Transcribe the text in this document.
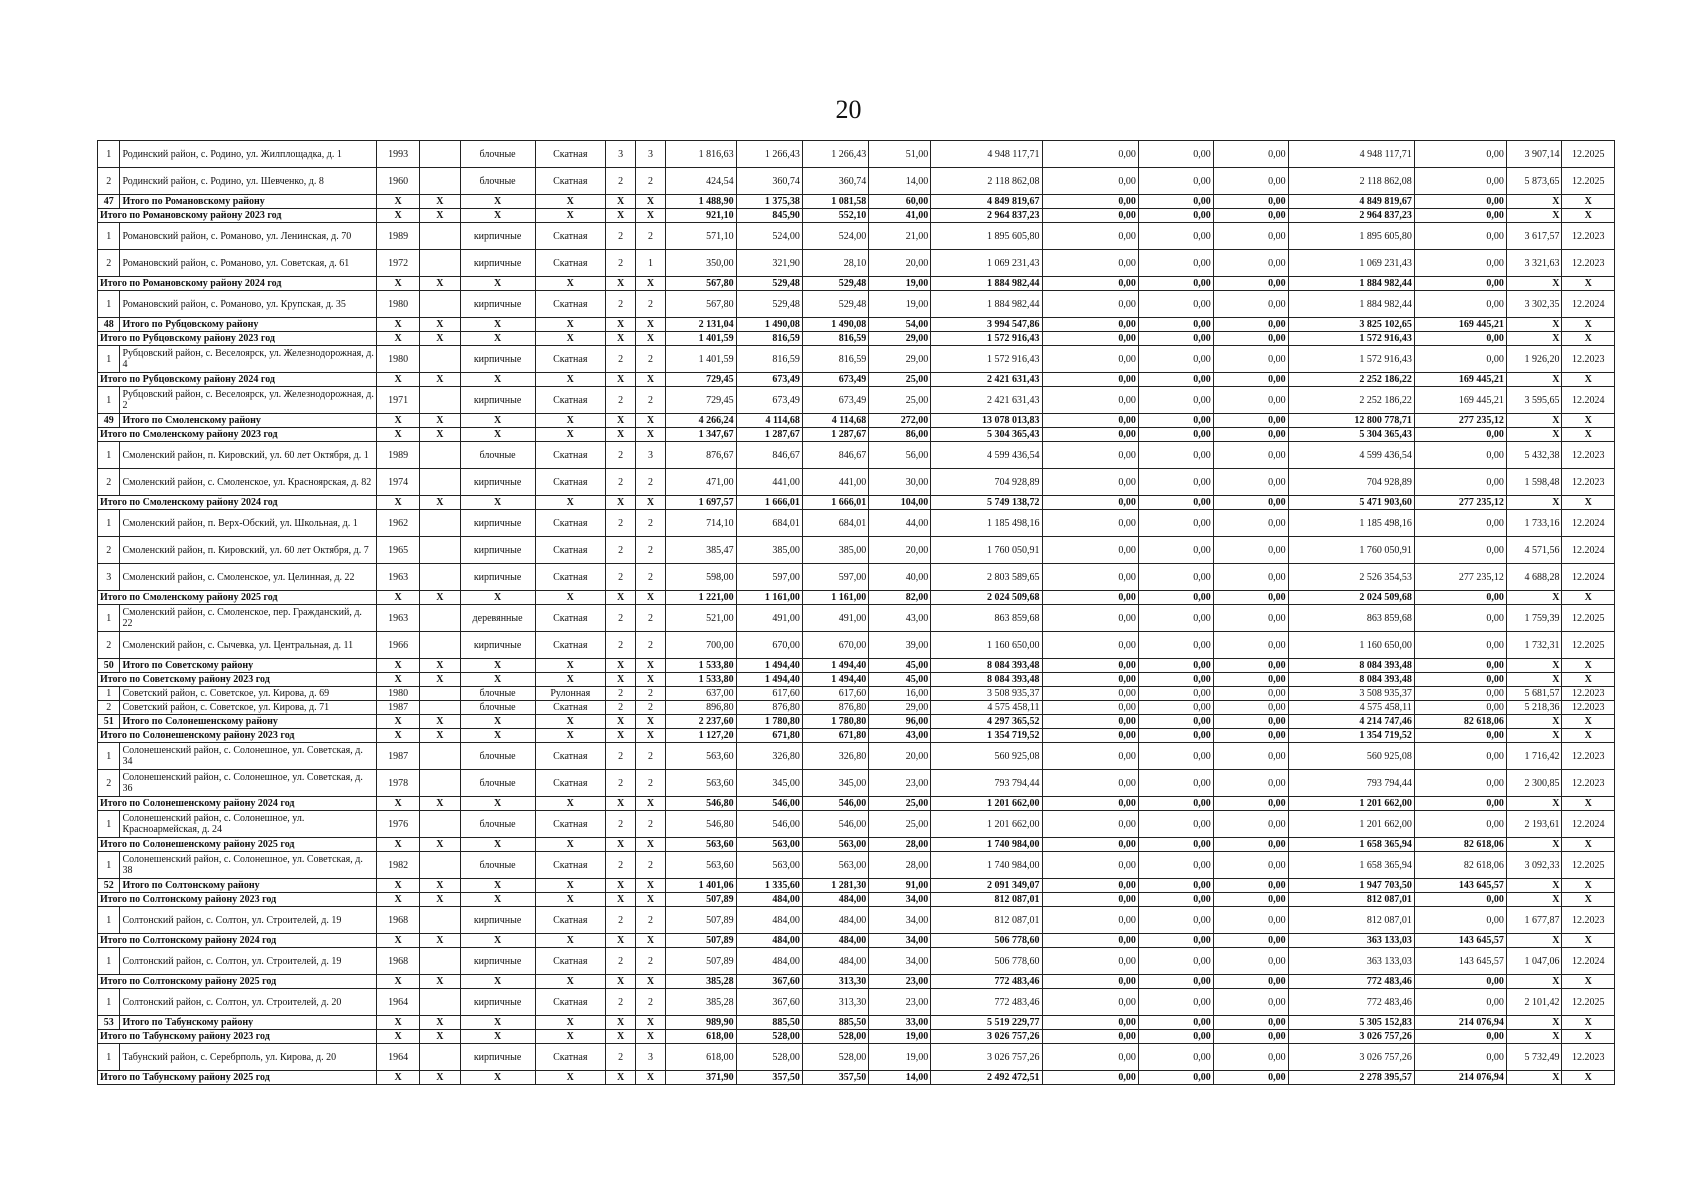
20
1	Родинский район, с. Родино, ул. Жилплощадка, д. 1	1993		блочные	Скатная	3	3	1 816,63	1 266,43	1 266,43	51,00	4 948 117,71	0,00	0,00	0,00	4 948 117,71	0,00	3 907,14	12.2025
2	Родинский район, с. Родино, ул. Шевченко, д. 8	1960		блочные	Скатная	2	2	424,54	360,74	360,74	14,00	2 118 862,08	0,00	0,00	0,00	2 118 862,08	0,00	5 873,65	12.2025
47	Итого по Романовскому району	X	X	X	X	X	X	1 488,90	1 375,38	1 081,58	60,00	4 849 819,67	0,00	0,00	0,00	4 849 819,67	0,00	X	X
Итого по Романовскому району 2023 год		X	X	X	X	X	X	921,10	845,90	552,10	41,00	2 964 837,23	0,00	0,00	0,00	2 964 837,23	0,00	X	X
1	Романовский район, с. Романово, ул. Ленинская, д. 70	1989		кирпичные	Скатная	2	2	571,10	524,00	524,00	21,00	1 895 605,80	0,00	0,00	0,00	1 895 605,80	0,00	3 617,57	12.2023
2	Романовский район, с. Романово, ул. Советская, д. 61	1972		кирпичные	Скатная	2	1	350,00	321,90	28,10	20,00	1 069 231,43	0,00	0,00	0,00	1 069 231,43	0,00	3 321,63	12.2023
Итого по Романовскому району 2024 год		X	X	X	X	X	X	567,80	529,48	529,48	19,00	1 884 982,44	0,00	0,00	0,00	1 884 982,44	0,00	X	X
1	Романовский район, с. Романово, ул. Крупская, д. 35	1980		кирпичные	Скатная	2	2	567,80	529,48	529,48	19,00	1 884 982,44	0,00	0,00	0,00	1 884 982,44	0,00	3 302,35	12.2024
48	Итого по Рубцовскому району	X	X	X	X	X	X	2 131,04	1 490,08	1 490,08	54,00	3 994 547,86	0,00	0,00	0,00	3 825 102,65	169 445,21	X	X
Итого по Рубцовскому району 2023 год		X	X	X	X	X	X	1 401,59	816,59	816,59	29,00	1 572 916,43	0,00	0,00	0,00	1 572 916,43	0,00	X	X
1	Рубцовский район, с. Веселоярск, ул. Железнодорожная, д. 4	1980		кирпичные	Скатная	2	2	1 401,59	816,59	816,59	29,00	1 572 916,43	0,00	0,00	0,00	1 572 916,43	0,00	1 926,20	12.2023
Итого по Рубцовскому району 2024 год		X	X	X	X	X	X	729,45	673,49	673,49	25,00	2 421 631,43	0,00	0,00	0,00	2 252 186,22	169 445,21	X	X
1	Рубцовский район, с. Веселоярск, ул. Железнодорожная, д. 2	1971		кирпичные	Скатная	2	2	729,45	673,49	673,49	25,00	2 421 631,43	0,00	0,00	0,00	2 252 186,22	169 445,21	3 595,65	12.2024
49	Итого по Смоленскому району	X	X	X	X	X	X	4 266,24	4 114,68	4 114,68	272,00	13 078 013,83	0,00	0,00	0,00	12 800 778,71	277 235,12	X	X
Итого по Смоленскому району 2023 год		X	X	X	X	X	X	1 347,67	1 287,67	1 287,67	86,00	5 304 365,43	0,00	0,00	0,00	5 304 365,43	0,00	X	X
1	Смоленский район, п. Кировский, ул. 60 лет Октября, д. 1	1989		блочные	Скатная	2	3	876,67	846,67	846,67	56,00	4 599 436,54	0,00	0,00	0,00	4 599 436,54	0,00	5 432,38	12.2023
2	Смоленский район, с. Смоленское, ул. Красноярская, д. 82	1974		кирпичные	Скатная	2	2	471,00	441,00	441,00	30,00	704 928,89	0,00	0,00	0,00	704 928,89	0,00	1 598,48	12.2023
Итого по Смоленскому району 2024 год		X	X	X	X	X	X	1 697,57	1 666,01	1 666,01	104,00	5 749 138,72	0,00	0,00	0,00	5 471 903,60	277 235,12	X	X
1	Смоленский район, п. Верх-Обский, ул. Школьная, д. 1	1962		кирпичные	Скатная	2	2	714,10	684,01	684,01	44,00	1 185 498,16	0,00	0,00	0,00	1 185 498,16	0,00	1 733,16	12.2024
2	Смоленский район, п. Кировский, ул. 60 лет Октября, д. 7	1965		кирпичные	Скатная	2	2	385,47	385,00	385,00	20,00	1 760 050,91	0,00	0,00	0,00	1 760 050,91	0,00	4 571,56	12.2024
3	Смоленский район, с. Смоленское, ул. Целинная, д. 22	1963		кирпичные	Скатная	2	2	598,00	597,00	597,00	40,00	2 803 589,65	0,00	0,00	0,00	2 526 354,53	277 235,12	4 688,28	12.2024
Итого по Смоленскому району 2025 год		X	X	X	X	X	X	1 221,00	1 161,00	1 161,00	82,00	2 024 509,68	0,00	0,00	0,00	2 024 509,68	0,00	X	X
1	Смоленский район, с. Смоленское, пер. Гражданский, д. 22	1963		деревянные	Скатная	2	2	521,00	491,00	491,00	43,00	863 859,68	0,00	0,00	0,00	863 859,68	0,00	1 759,39	12.2025
2	Смоленский район, с. Сычевка, ул. Центральная, д. 11	1966		кирпичные	Скатная	2	2	700,00	670,00	670,00	39,00	1 160 650,00	0,00	0,00	0,00	1 160 650,00	0,00	1 732,31	12.2025
50	Итого по Советскому району	X	X	X	X	X	X	1 533,80	1 494,40	1 494,40	45,00	8 084 393,48	0,00	0,00	0,00	8 084 393,48	0,00	X	X
Итого по Советскому району 2023 год		X	X	X	X	X	X	1 533,80	1 494,40	1 494,40	45,00	8 084 393,48	0,00	0,00	0,00	8 084 393,48	0,00	X	X
1	Советский район, с. Советское, ул. Кирова, д. 69	1980		блочные	Рулонная	2	2	637,00	617,60	617,60	16,00	3 508 935,37	0,00	0,00	0,00	3 508 935,37	0,00	5 681,57	12.2023
2	Советский район, с. Советское, ул. Кирова, д. 71	1987		блочные	Скатная	2	2	896,80	876,80	876,80	29,00	4 575 458,11	0,00	0,00	0,00	4 575 458,11	0,00	5 218,36	12.2023
51	Итого по Солонешенскому району	X	X	X	X	X	X	2 237,60	1 780,80	1 780,80	96,00	4 297 365,52	0,00	0,00	0,00	4 214 747,46	82 618,06	X	X
Итого по Солонешенскому району 2023 год		X	X	X	X	X	X	1 127,20	671,80	671,80	43,00	1 354 719,52	0,00	0,00	0,00	1 354 719,52	0,00	X	X
1	Солонешенский район, с. Солонешное, ул. Советская, д. 34	1987		блочные	Скатная	2	2	563,60	326,80	326,80	20,00	560 925,08	0,00	0,00	0,00	560 925,08	0,00	1 716,42	12.2023
2	Солонешенский район, с. Солонешное, ул. Советская, д. 36	1978		блочные	Скатная	2	2	563,60	345,00	345,00	23,00	793 794,44	0,00	0,00	0,00	793 794,44	0,00	2 300,85	12.2023
Итого по Солонешенскому району 2024 год		X	X	X	X	X	X	546,80	546,00	546,00	25,00	1 201 662,00	0,00	0,00	0,00	1 201 662,00	0,00	X	X
1	Солонешенский район, с. Солонешное, ул. Красноармейская, д. 24	1976		блочные	Скатная	2	2	546,80	546,00	546,00	25,00	1 201 662,00	0,00	0,00	0,00	1 201 662,00	0,00	2 193,61	12.2024
Итого по Солонешенскому району 2025 год		X	X	X	X	X	X	563,60	563,00	563,00	28,00	1 740 984,00	0,00	0,00	0,00	1 658 365,94	82 618,06	X	X
1	Солонешенский район, с. Солонешное, ул. Советская, д. 38	1982		блочные	Скатная	2	2	563,60	563,00	563,00	28,00	1 740 984,00	0,00	0,00	0,00	1 658 365,94	82 618,06	3 092,33	12.2025
52	Итого по Солтонскому району	X	X	X	X	X	X	1 401,06	1 335,60	1 281,30	91,00	2 091 349,07	0,00	0,00	0,00	1 947 703,50	143 645,57	X	X
Итого по Солтонскому району 2023 год		X	X	X	X	X	X	507,89	484,00	484,00	34,00	812 087,01	0,00	0,00	0,00	812 087,01	0,00	X	X
1	Солтонский район, с. Солтон, ул. Строителей, д. 19	1968		кирпичные	Скатная	2	2	507,89	484,00	484,00	34,00	812 087,01	0,00	0,00	0,00	812 087,01	0,00	1 677,87	12.2023
Итого по Солтонскому району 2024 год		X	X	X	X	X	X	507,89	484,00	484,00	34,00	506 778,60	0,00	0,00	0,00	363 133,03	143 645,57	X	X
1	Солтонский район, с. Солтон, ул. Строителей, д. 19	1968		кирпичные	Скатная	2	2	507,89	484,00	484,00	34,00	506 778,60	0,00	0,00	0,00	363 133,03	143 645,57	1 047,06	12.2024
Итого по Солтонскому району 2025 год		X	X	X	X	X	X	385,28	367,60	313,30	23,00	772 483,46	0,00	0,00	0,00	772 483,46	0,00	X	X
1	Солтонский район, с. Солтон, ул. Строителей, д. 20	1964		кирпичные	Скатная	2	2	385,28	367,60	313,30	23,00	772 483,46	0,00	0,00	0,00	772 483,46	0,00	2 101,42	12.2025
53	Итого по Табунскому району	X	X	X	X	X	X	989,90	885,50	885,50	33,00	5 519 229,77	0,00	0,00	0,00	5 305 152,83	214 076,94	X	X
Итого по Табунскому району 2023 год		X	X	X	X	X	X	618,00	528,00	528,00	19,00	3 026 757,26	0,00	0,00	0,00	3 026 757,26	0,00	X	X
1	Табунский район, с. Серебрполь, ул. Кирова, д. 20	1964		кирпичные	Скатная	2	3	618,00	528,00	528,00	19,00	3 026 757,26	0,00	0,00	0,00	3 026 757,26	0,00	5 732,49	12.2023
Итого по Табунскому району 2025 год		X	X	X	X	X	X	371,90	357,50	357,50	14,00	2 492 472,51	0,00	0,00	0,00	2 278 395,57	214 076,94	X	X
